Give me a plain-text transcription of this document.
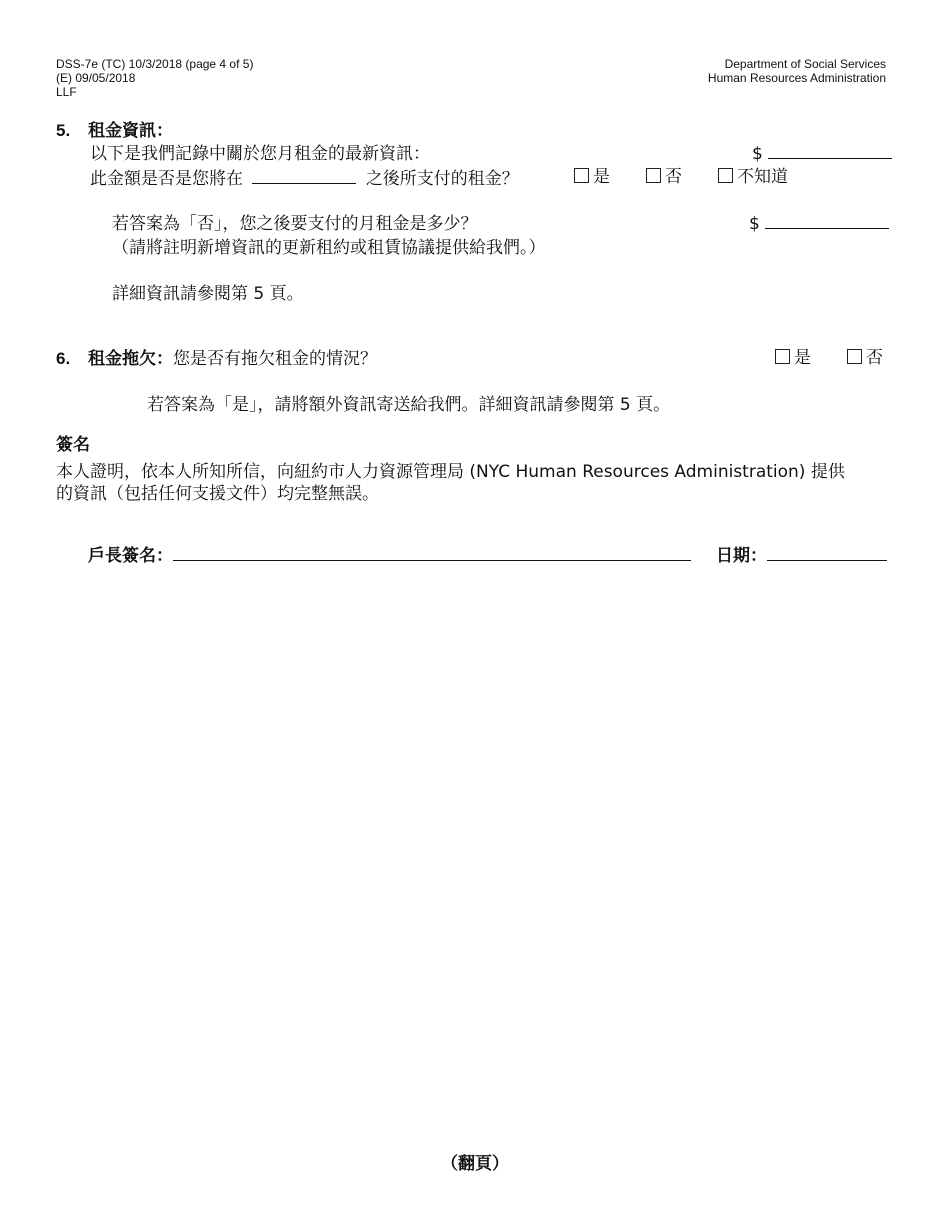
DSS-7e (TC) 10/3/2018 (page 4 of 5)
(E) 09/05/2018
LLF
Department of Social Services
Human Resources Administration
5. 租金資訊：
以下是我們記錄中關於您月租金的最新資訊：	$
此金額是否是您將在	之後所支付的租金？	是	否	不知道
若答案為「否」，您之後要支付的月租金是多少？	$
（請將註明新增資訊的更新租約或租賃協議提供給我們。）
詳細資訊請參閱第 5 頁。
6. 租金拖欠：您是否有拖欠租金的情況？	是	否
若答案為「是」，請將額外資訊寄送給我們。詳細資訊請參閱第 5 頁。
簽名
本人證明，依本人所知所信，向紐約市人力資源管理局 (NYC Human Resources Administration) 提供
的資訊（包括任何支援文件）均完整無誤。
戶長簽名：	日期：
（翻頁）
